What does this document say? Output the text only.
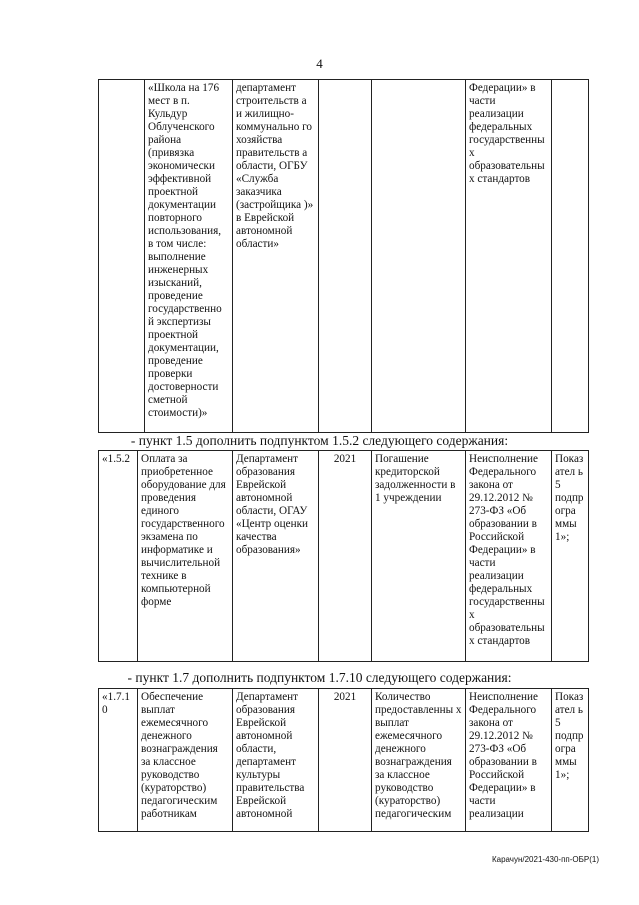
4
	«Школа на 176 мест в п. Кульдур Облученского района (привязка экономически эффективной проектной документации повторного использования, в том числе: выполнение инженерных изысканий, проведение государственно й экспертизы проектной документации, проведение проверки достоверности сметной стоимости)»	департамент строительств а и жилищно-коммунально го хозяйства правительств а области, ОГБУ «Служба заказчика (застройщика )» в Еврейской автономной области»			Федерации» в части реализации федеральных государственны х образовательны х стандартов	
- пункт 1.5 дополнить подпунктом 1.5.2 следующего содержания:
«1.5.2	Оплата за приобретенное оборудование для проведения единого государственного экзамена по информатике и вычислительной технике в компьютерной форме	Департамент образования Еврейской автономной области, ОГАУ «Центр оценки качества образования»	2021	Погашение кредиторской задолженности в 1 учреждении	Неисполнение Федерального закона от 29.12.2012 № 273-ФЗ «Об образовании в Российской Федерации» в части реализации федеральных государственны х образовательны х стандартов	Показател ь 5 подпрогра ммы 1»;
- пункт 1.7 дополнить подпунктом 1.7.10 следующего содержания:
«1.7.1 0	Обеспечение выплат ежемесячного денежного вознаграждения за классное руководство (кураторство) педагогическим работникам	Департамент образования Еврейской автономной области, департамент культуры правительства Еврейской автономной	2021	Количество предоставленны х выплат ежемесячного денежного вознаграждения за классное руководство (кураторство) педагогическим	Неисполнение Федерального закона от 29.12.2012 № 273-ФЗ «Об образовании в Российской Федерации» в части реализации	Показател ь 5 подпрогра ммы 1»;
Карачун/2021-430-пп-ОБР(1)
